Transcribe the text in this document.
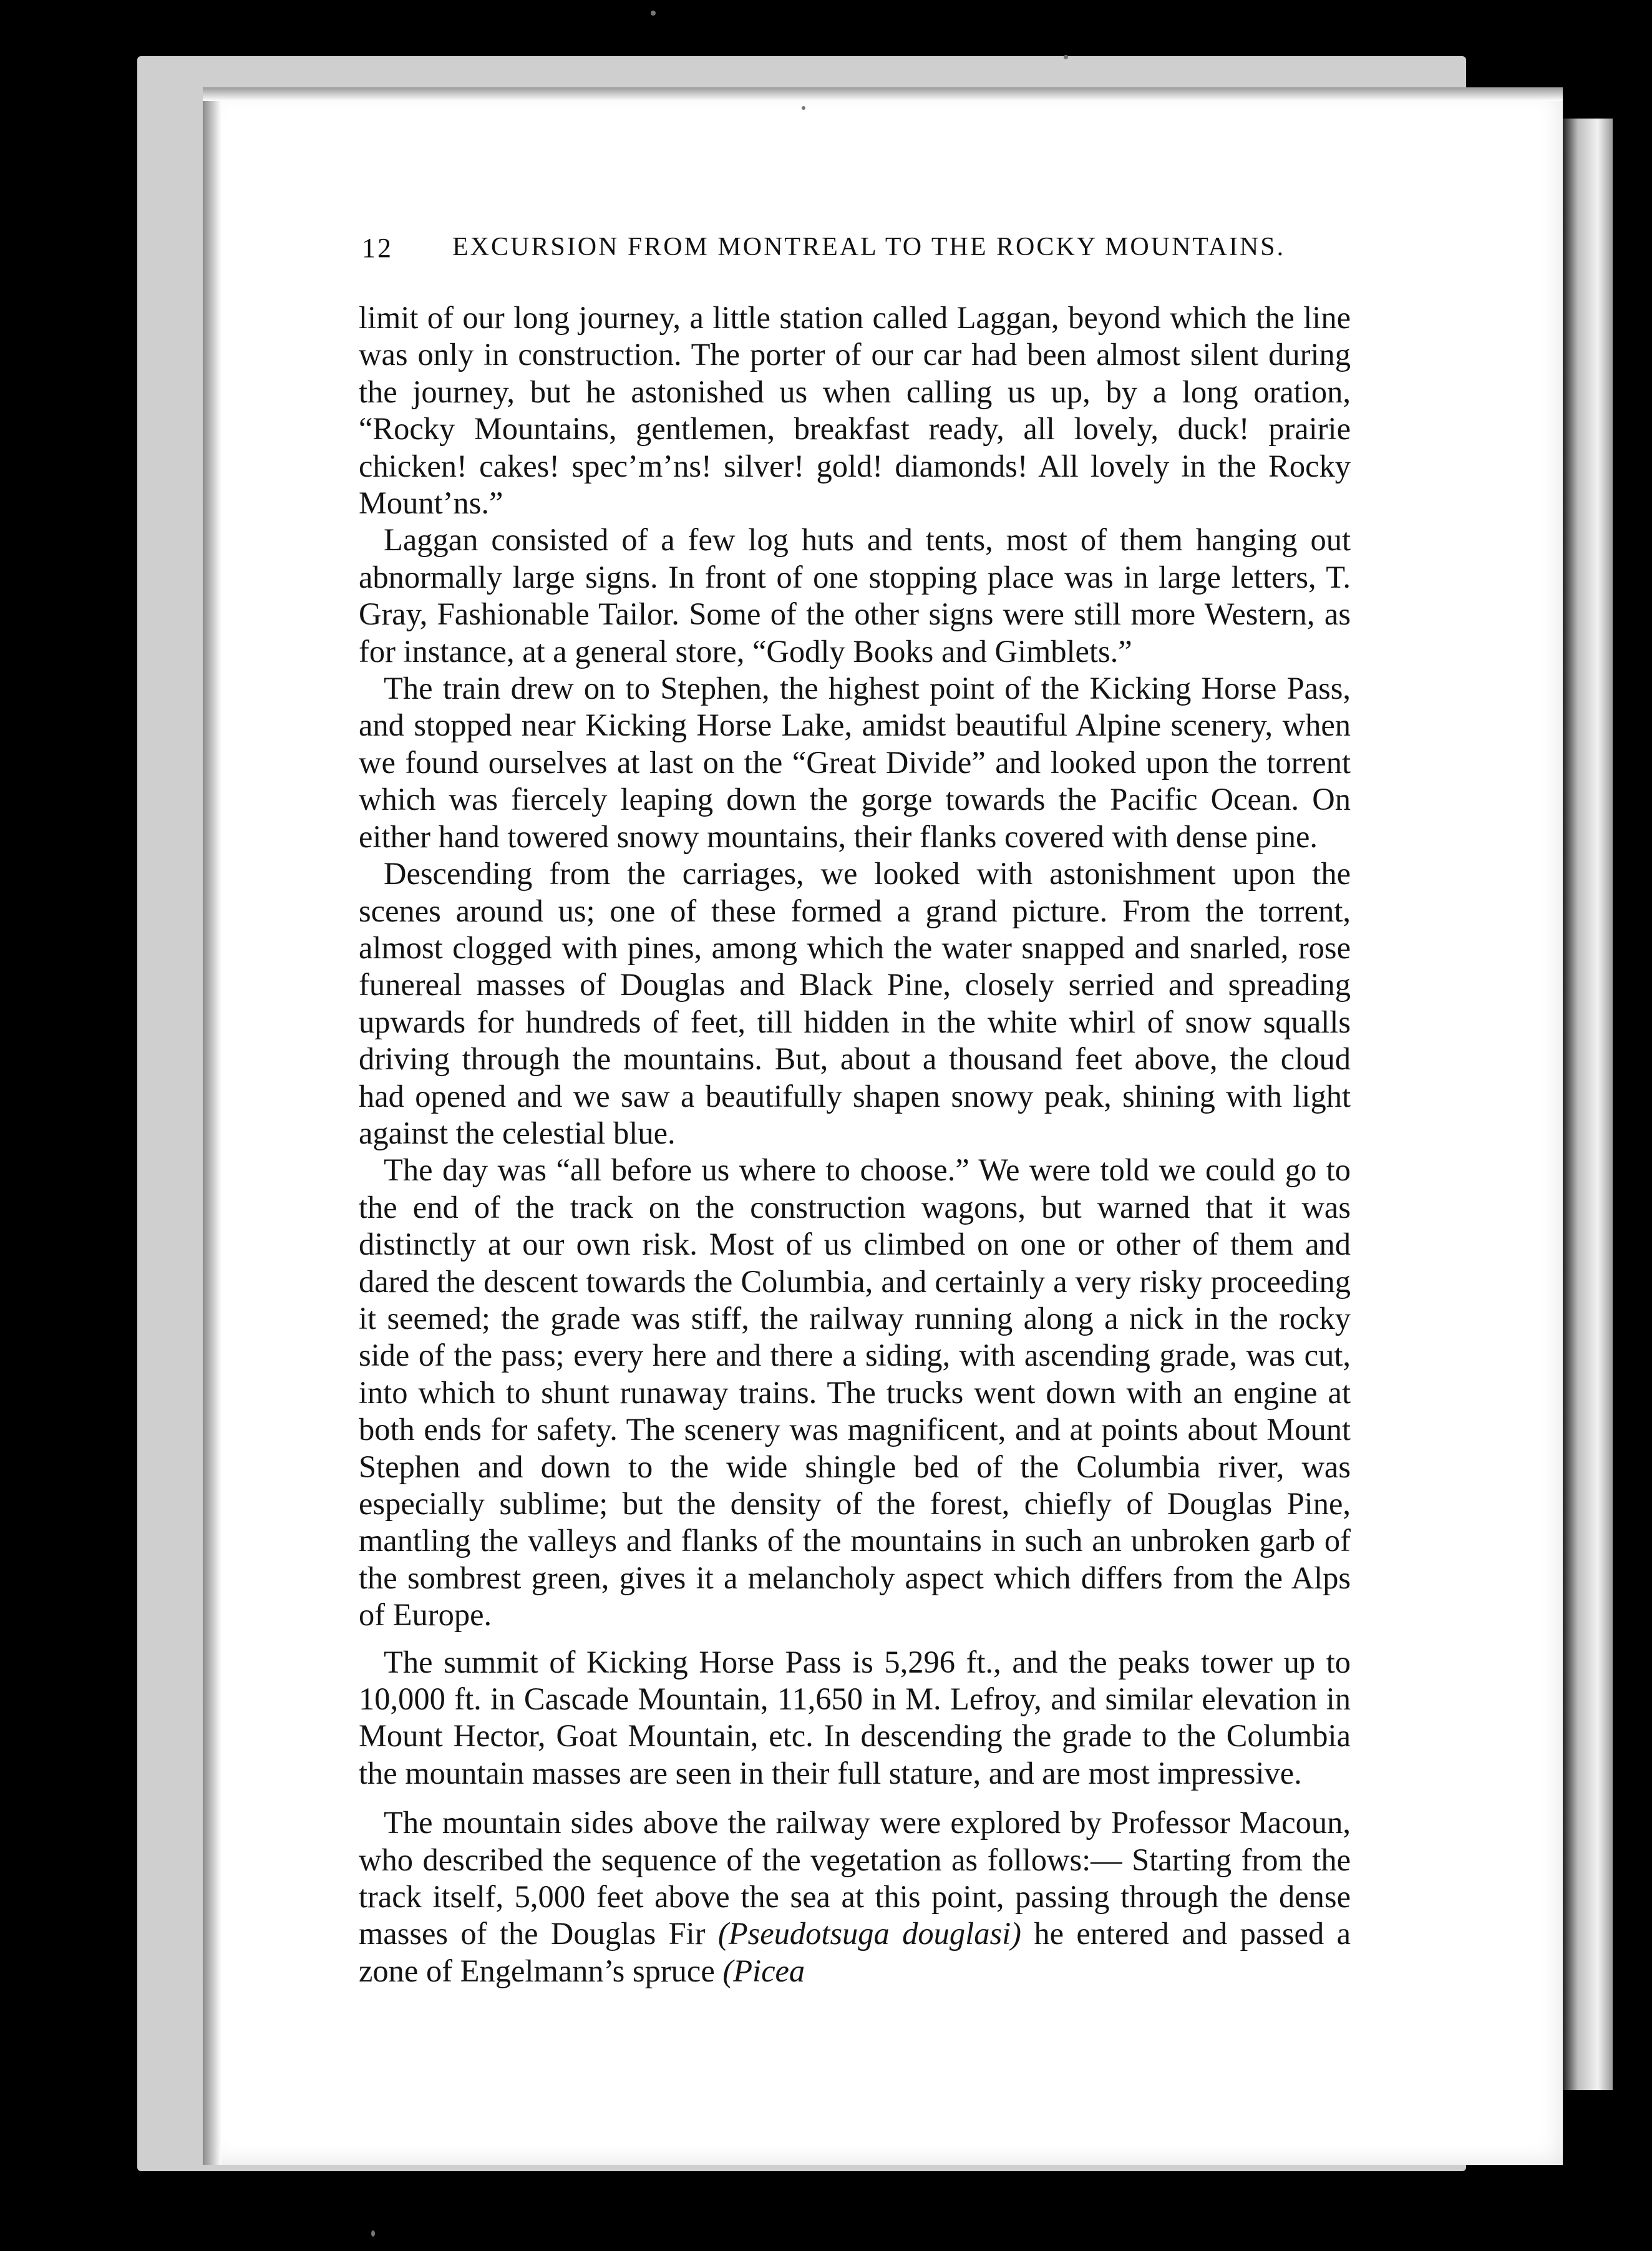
12 EXCURSION FROM MONTREAL TO THE ROCKY MOUNTAINS.

limit of our long journey, a little station called Laggan, beyond which the line was only in construction. The porter of our car had been almost silent during the journey, but he astonished us when calling us up, by a long oration, “Rocky Mountains, gentlemen, breakfast ready, all lovely, duck! prairie chicken! cakes! spec’m’ns! silver! gold! diamonds! All lovely in the Rocky Mount’ns.”

Laggan consisted of a few log huts and tents, most of them hanging out abnormally large signs. In front of one stopping place was in large letters, T. Gray, Fashionable Tailor. Some of the other signs were still more Western, as for instance, at a general store, “Godly Books and Gimblets.”

The train drew on to Stephen, the highest point of the Kicking Horse Pass, and stopped near Kicking Horse Lake, amidst beautiful Alpine scenery, when we found ourselves at last on the “Great Divide” and looked upon the torrent which was fiercely leaping down the gorge towards the Pacific Ocean. On either hand towered snowy mountains, their flanks covered with dense pine.

Descending from the carriages, we looked with astonishment upon the scenes around us; one of these formed a grand picture. From the torrent, almost clogged with pines, among which the water snapped and snarled, rose funereal masses of Douglas and Black Pine, closely serried and spreading upwards for hundreds of feet, till hidden in the white whirl of snow squalls driving through the mountains. But, about a thousand feet above, the cloud had opened and we saw a beautifully shapen snowy peak, shining with light against the celestial blue.

The day was “all before us where to choose.” We were told we could go to the end of the track on the construction wagons, but warned that it was distinctly at our own risk. Most of us climbed on one or other of them and dared the descent towards the Columbia, and certainly a very risky proceeding it seemed; the grade was stiff, the railway running along a nick in the rocky side of the pass; every here and there a siding, with ascending grade, was cut, into which to shunt runaway trains. The trucks went down with an engine at both ends for safety. The scenery was magnificent, and at points about Mount Stephen and down to the wide shingle bed of the Columbia river, was especially sublime; but the density of the forest, chiefly of Douglas Pine, mantling the valleys and flanks of the mountains in such an unbroken garb of the sombrest green, gives it a melancholy aspect which differs from the Alps of Europe.

The summit of Kicking Horse Pass is 5,296 ft., and the peaks tower up to 10,000 ft. in Cascade Mountain, 11,650 in M. Lefroy, and similar elevation in Mount Hector, Goat Mountain, etc. In descending the grade to the Columbia the mountain masses are seen in their full stature, and are most impressive.

The mountain sides above the railway were explored by Professor Macoun, who described the sequence of the vegetation as follows:— Starting from the track itself, 5,000 feet above the sea at this point, passing through the dense masses of the Douglas Fir (Pseudotsuga douglasi) he entered and passed a zone of Engelmann’s spruce (Picea
